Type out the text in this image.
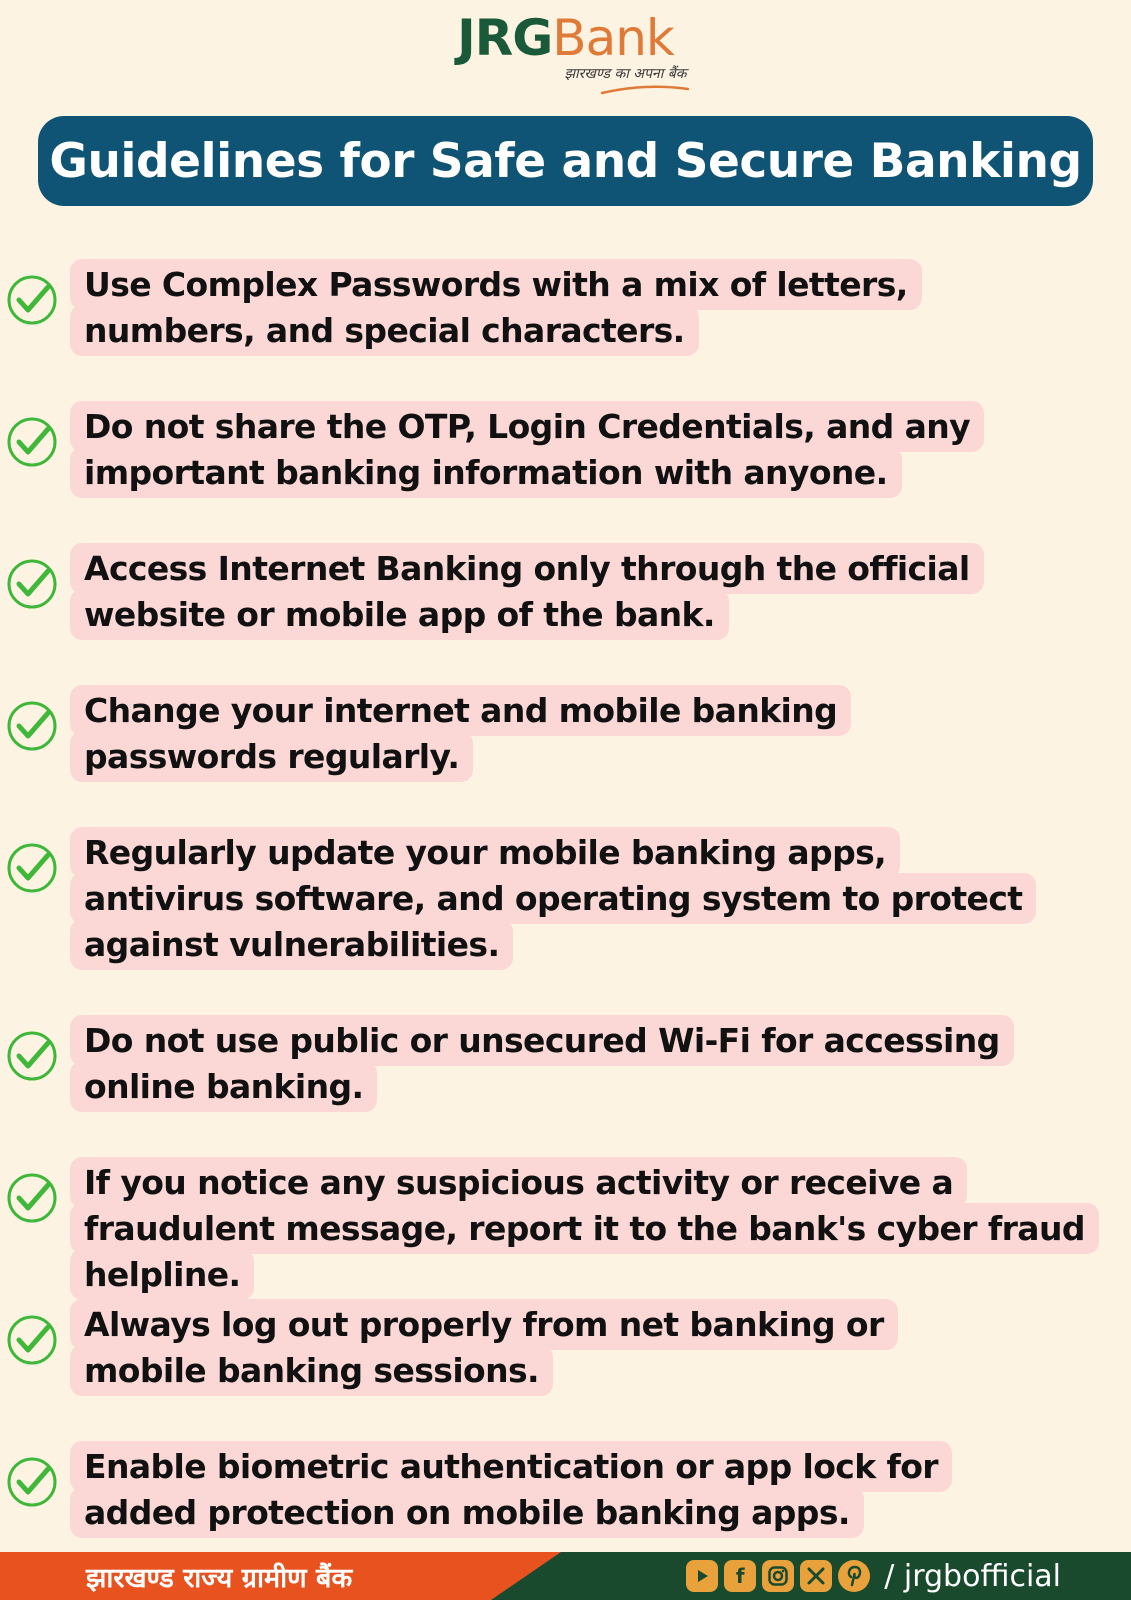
JRGBank
झारखण्ड का अपना बैंक
Guidelines for Safe and Secure Banking

Use Complex Passwords with a mix of letters, numbers, and special characters.

Do not share the OTP, Login Credentials, and any important banking information with anyone.

Access Internet Banking only through the official website or mobile app of the bank.

Change your internet and mobile banking passwords regularly.

Regularly update your mobile banking apps, antivirus software, and operating system to protect against vulnerabilities.

Do not use public or unsecured Wi-Fi for accessing online banking.

If you notice any suspicious activity or receive a fraudulent message, report it to the bank's cyber fraud helpline.

Always log out properly from net banking or mobile banking sessions.

Enable biometric authentication or app lock for added protection on mobile banking apps.

झारखण्ड राज्य ग्रामीण बैंक	f	/ jrgbofficial
